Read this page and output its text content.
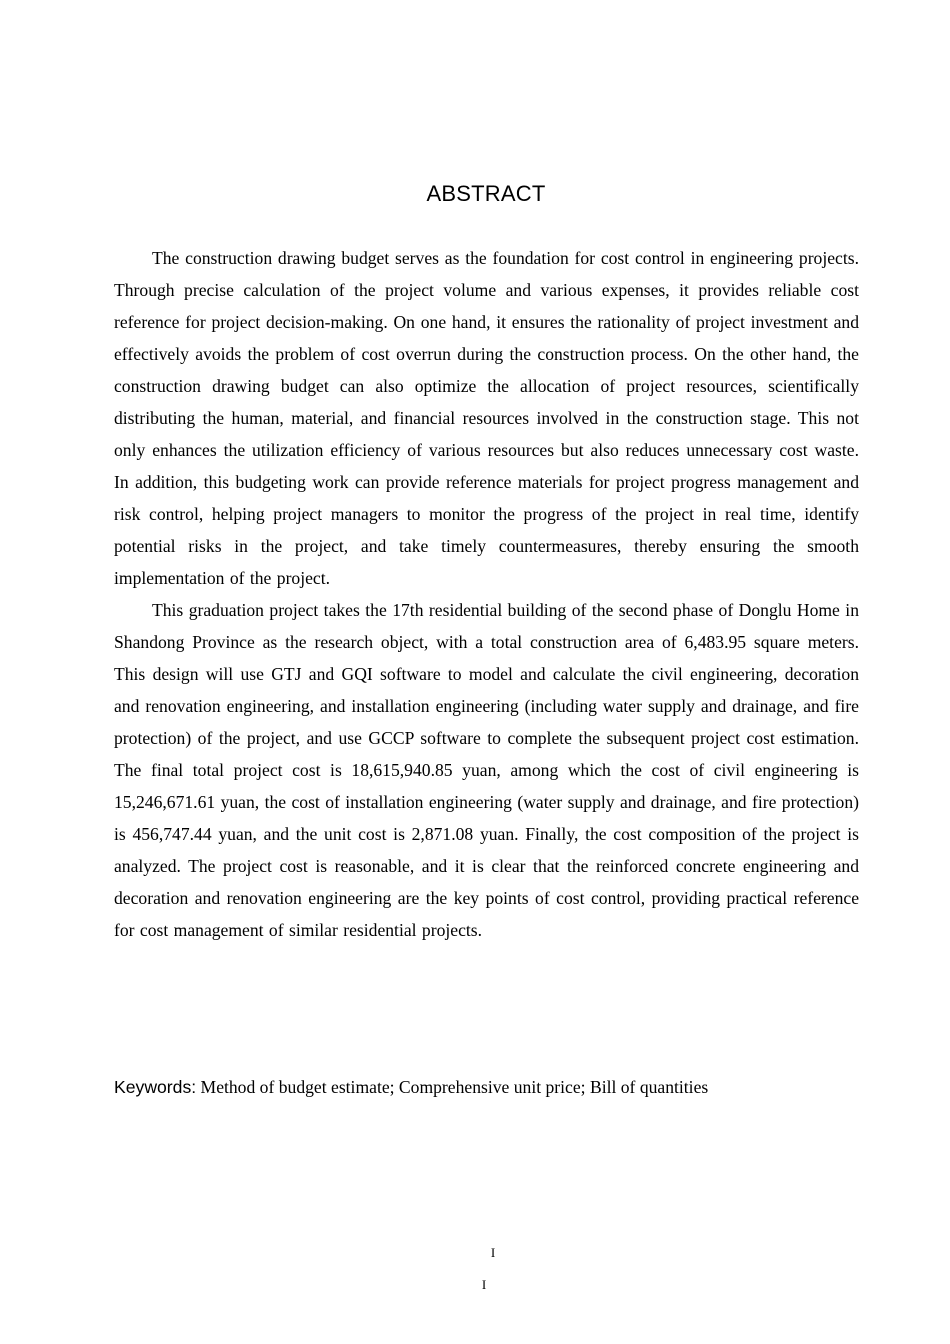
ABSTRACT

The construction drawing budget serves as the foundation for cost control in engineering projects. Through precise calculation of the project volume and various expenses, it provides reliable cost reference for project decision-making. On one hand, it ensures the rationality of project investment and effectively avoids the problem of cost overrun during the construction process. On the other hand, the construction drawing budget can also optimize the allocation of project resources, scientifically distributing the human, material, and financial resources involved in the construction stage. This not only enhances the utilization efficiency of various resources but also reduces unnecessary cost waste. In addition, this budgeting work can provide reference materials for project progress management and risk control, helping project managers to monitor the progress of the project in real time, identify potential risks in the project, and take timely countermeasures, thereby ensuring the smooth implementation of the project.

This graduation project takes the 17th residential building of the second phase of Donglu Home in Shandong Province as the research object, with a total construction area of 6,483.95 square meters. This design will use GTJ and GQI software to model and calculate the civil engineering, decoration and renovation engineering, and installation engineering (including water supply and drainage, and fire protection) of the project, and use GCCP software to complete the subsequent project cost estimation. The final total project cost is 18,615,940.85 yuan, among which the cost of civil engineering is 15,246,671.61 yuan, the cost of installation engineering (water supply and drainage, and fire protection) is 456,747.44 yuan, and the unit cost is 2,871.08 yuan. Finally, the cost composition of the project is analyzed. The project cost is reasonable, and it is clear that the reinforced concrete engineering and decoration and renovation engineering are the key points of cost control, providing practical reference for cost management of similar residential projects.

Keywords: Method of budget estimate; Comprehensive unit price; Bill of quantities
I
I
